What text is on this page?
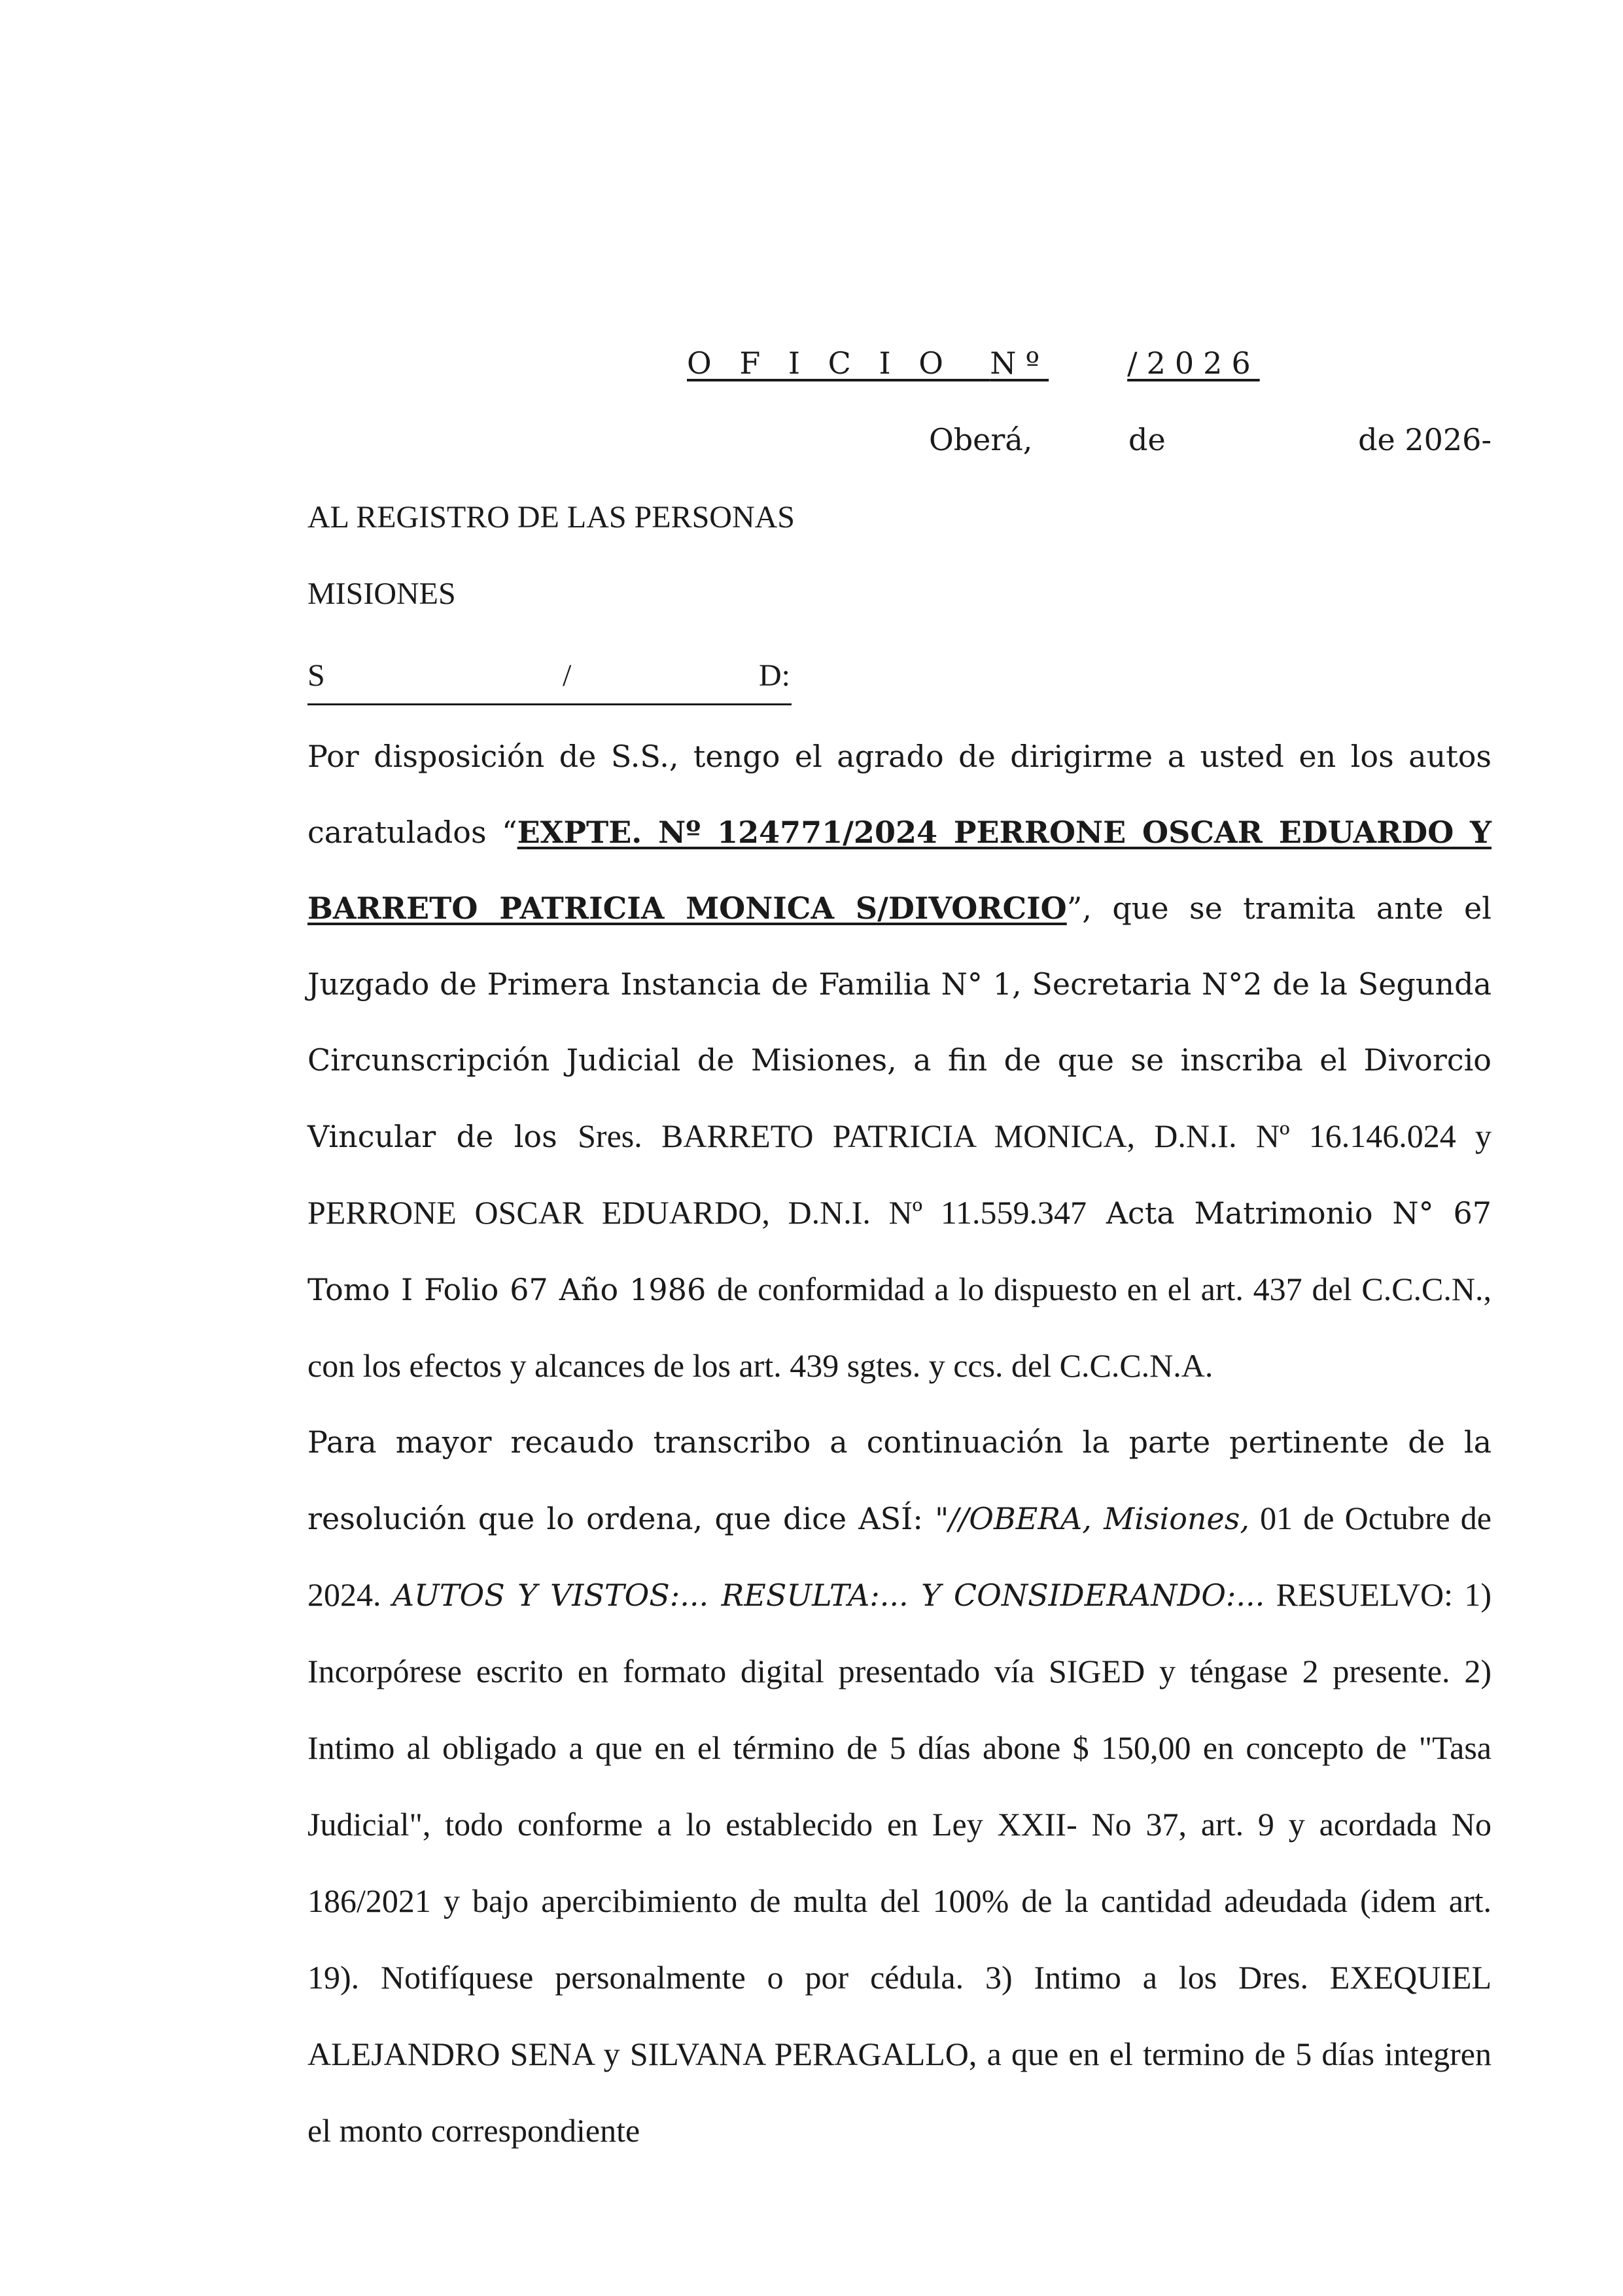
O F I C I O Nº	/2026
Oberá,	de	de 2026-
AL REGISTRO DE LAS PERSONAS
MISIONES
S	/	D:

Por disposición de S.S., tengo el agrado de dirigirme a usted en los autos caratulados “EXPTE. Nº 124771/2024 PERRONE OSCAR EDUARDO Y BARRETO PATRICIA MONICA S/DIVORCIO”, que se tramita ante el Juzgado de Primera Instancia de Familia N° 1, Secretaria N°2 de la Segunda Circunscripción Judicial de Misiones, a fin de que se inscriba el Divorcio Vincular de los Sres. BARRETO PATRICIA MONICA, D.N.I. Nº 16.146.024 y PERRONE OSCAR EDUARDO, D.N.I. Nº 11.559.347 Acta Matrimonio N° 67 Tomo I Folio 67 Año 1986 de conformidad a lo dispuesto en el art. 437 del C.C.C.N., con los efectos y alcances de los art. 439 sgtes. y ccs. del C.C.C.N.A.

Para mayor recaudo transcribo a continuación la parte pertinente de la resolución que lo ordena, que dice ASÍ: "//OBERA, Misiones, 01 de Octubre de 2024. AUTOS Y VISTOS:... RESULTA:... Y CONSIDERANDO:... RESUELVO: 1) Incorpórese escrito en formato digital presentado vía SIGED y téngase 2 presente. 2) Intimo al obligado a que en el término de 5 días abone $ 150,00 en concepto de "Tasa Judicial", todo conforme a lo establecido en Ley XXII- No 37, art. 9 y acordada No 186/2021 y bajo apercibimiento de multa del 100% de la cantidad adeudada (idem art. 19). Notifíquese personalmente o por cédula. 3) Intimo a los Dres. EXEQUIEL ALEJANDRO SENA y SILVANA PERAGALLO, a que en el termino de 5 días integren el monto correspondiente
